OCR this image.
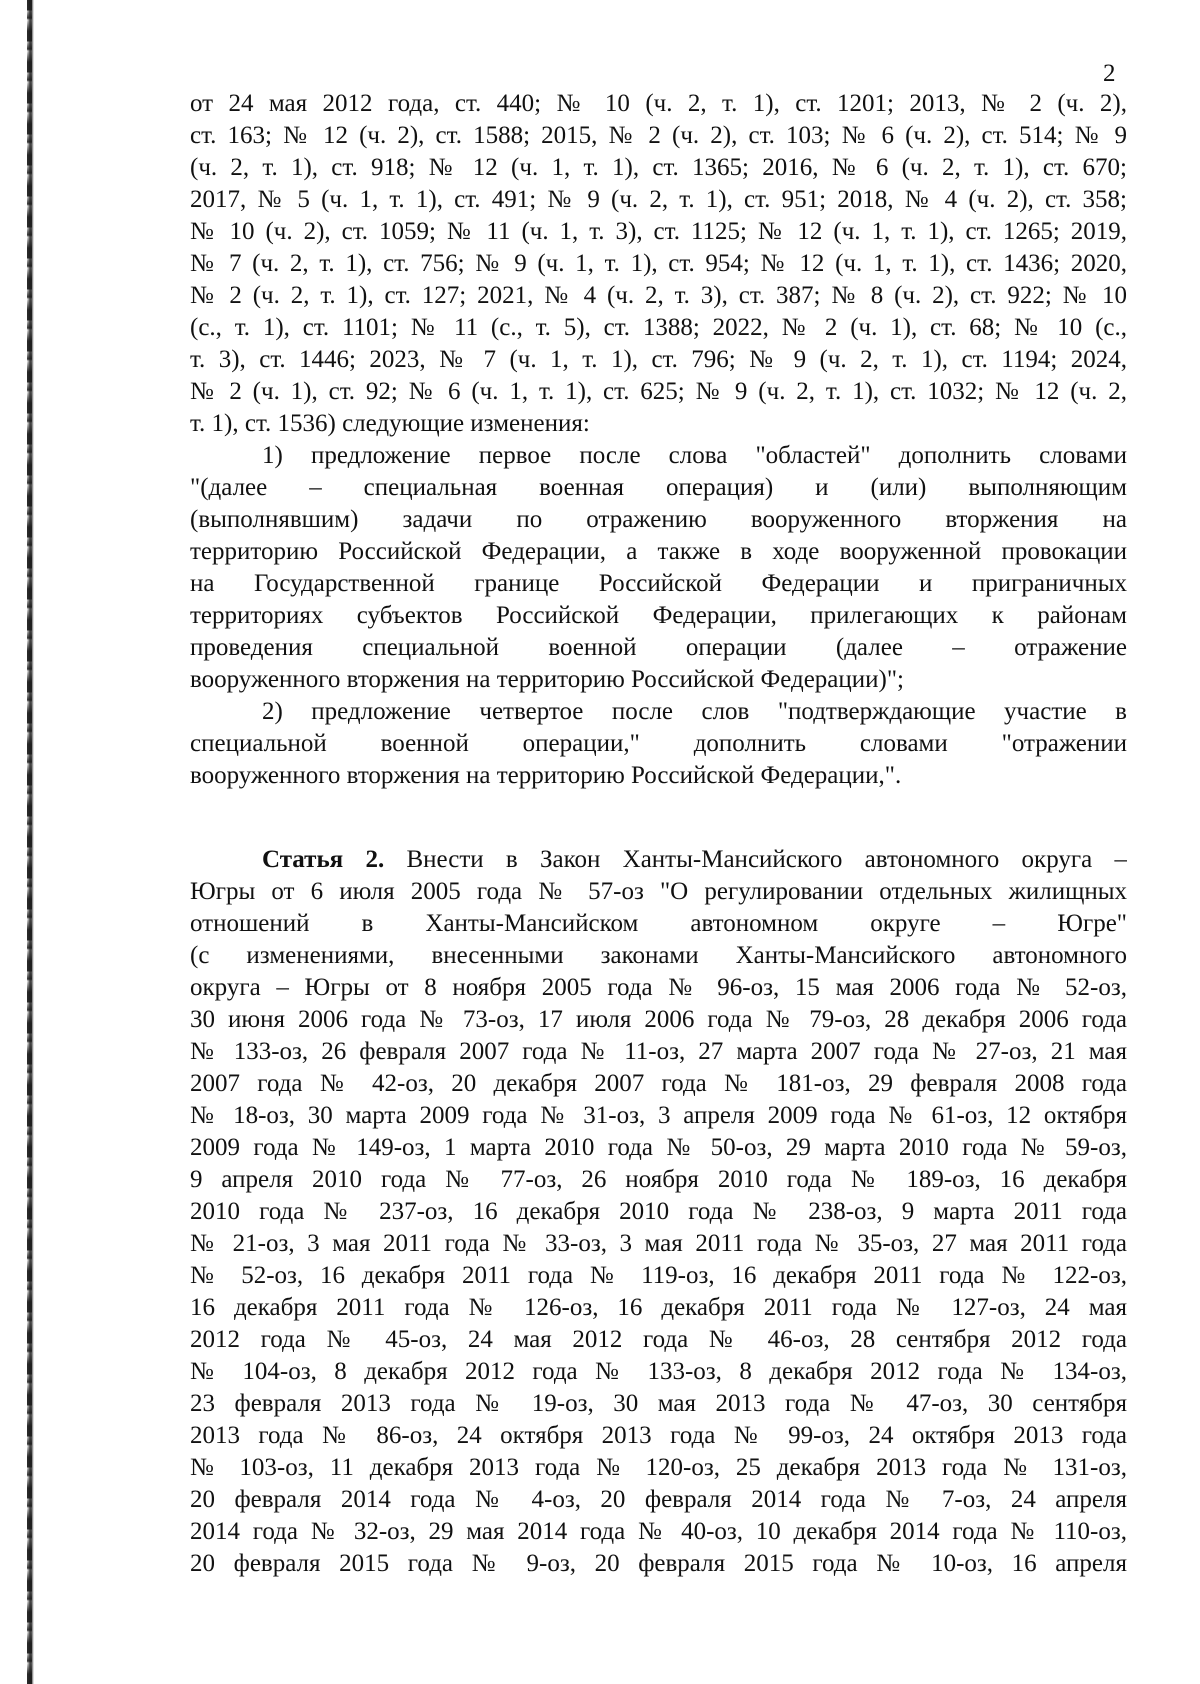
2
от 24 мая 2012 года, ст. 440; № 10 (ч. 2, т. 1), ст. 1201; 2013, № 2 (ч. 2),
ст. 163; № 12 (ч. 2), ст. 1588; 2015, № 2 (ч. 2), ст. 103; № 6 (ч. 2), ст. 514; № 9
(ч. 2, т. 1), ст. 918; № 12 (ч. 1, т. 1), ст. 1365; 2016, № 6 (ч. 2, т. 1), ст. 670;
2017, № 5 (ч. 1, т. 1), ст. 491; № 9 (ч. 2, т. 1), ст. 951; 2018, № 4 (ч. 2), ст. 358;
№ 10 (ч. 2), ст. 1059; № 11 (ч. 1, т. 3), ст. 1125; № 12 (ч. 1, т. 1), ст. 1265; 2019,
№ 7 (ч. 2, т. 1), ст. 756; № 9 (ч. 1, т. 1), ст. 954; № 12 (ч. 1, т. 1), ст. 1436; 2020,
№ 2 (ч. 2, т. 1), ст. 127; 2021, № 4 (ч. 2, т. 3), ст. 387; № 8 (ч. 2), ст. 922; № 10
(с., т. 1), ст. 1101; № 11 (с., т. 5), ст. 1388; 2022, № 2 (ч. 1), ст. 68; № 10 (с.,
т. 3), ст. 1446; 2023, № 7 (ч. 1, т. 1), ст. 796; № 9 (ч. 2, т. 1), ст. 1194; 2024,
№ 2 (ч. 1), ст. 92; № 6 (ч. 1, т. 1), ст. 625; № 9 (ч. 2, т. 1), ст. 1032; № 12 (ч. 2,
т. 1), ст. 1536) следующие изменения:
1) предложение первое после слова "областей" дополнить словами
"(далее – специальная военная операция) и (или) выполняющим
(выполнявшим) задачи по отражению вооруженного вторжения на
территорию Российской Федерации, а также в ходе вооруженной провокации
на Государственной границе Российской Федерации и приграничных
территориях субъектов Российской Федерации, прилегающих к районам
проведения специальной военной операции (далее – отражение
вооруженного вторжения на территорию Российской Федерации)";
2) предложение четвертое после слов "подтверждающие участие в
специальной военной операции," дополнить словами "отражении
вооруженного вторжения на территорию Российской Федерации,".
Статья 2. Внести в Закон Ханты-Мансийского автономного округа –
Югры от 6 июля 2005 года № 57-оз "О регулировании отдельных жилищных
отношений в Ханты-Мансийском автономном округе – Югре"
(с изменениями, внесенными законами Ханты-Мансийского автономного
округа – Югры от 8 ноября 2005 года № 96-оз, 15 мая 2006 года № 52-оз,
30 июня 2006 года № 73-оз, 17 июля 2006 года № 79-оз, 28 декабря 2006 года
№ 133-оз, 26 февраля 2007 года № 11-оз, 27 марта 2007 года № 27-оз, 21 мая
2007 года № 42-оз, 20 декабря 2007 года № 181-оз, 29 февраля 2008 года
№ 18-оз, 30 марта 2009 года № 31-оз, 3 апреля 2009 года № 61-оз, 12 октября
2009 года № 149-оз, 1 марта 2010 года № 50-оз, 29 марта 2010 года № 59-оз,
9 апреля 2010 года № 77-оз, 26 ноября 2010 года № 189-оз, 16 декабря
2010 года № 237-оз, 16 декабря 2010 года № 238-оз, 9 марта 2011 года
№ 21-оз, 3 мая 2011 года № 33-оз, 3 мая 2011 года № 35-оз, 27 мая 2011 года
№ 52-оз, 16 декабря 2011 года № 119-оз, 16 декабря 2011 года № 122-оз,
16 декабря 2011 года № 126-оз, 16 декабря 2011 года № 127-оз, 24 мая
2012 года № 45-оз, 24 мая 2012 года № 46-оз, 28 сентября 2012 года
№ 104-оз, 8 декабря 2012 года № 133-оз, 8 декабря 2012 года № 134-оз,
23 февраля 2013 года № 19-оз, 30 мая 2013 года № 47-оз, 30 сентября
2013 года № 86-оз, 24 октября 2013 года № 99-оз, 24 октября 2013 года
№ 103-оз, 11 декабря 2013 года № 120-оз, 25 декабря 2013 года № 131-оз,
20 февраля 2014 года № 4-оз, 20 февраля 2014 года № 7-оз, 24 апреля
2014 года № 32-оз, 29 мая 2014 года № 40-оз, 10 декабря 2014 года № 110-оз,
20 февраля 2015 года № 9-оз, 20 февраля 2015 года № 10-оз, 16 апреля
